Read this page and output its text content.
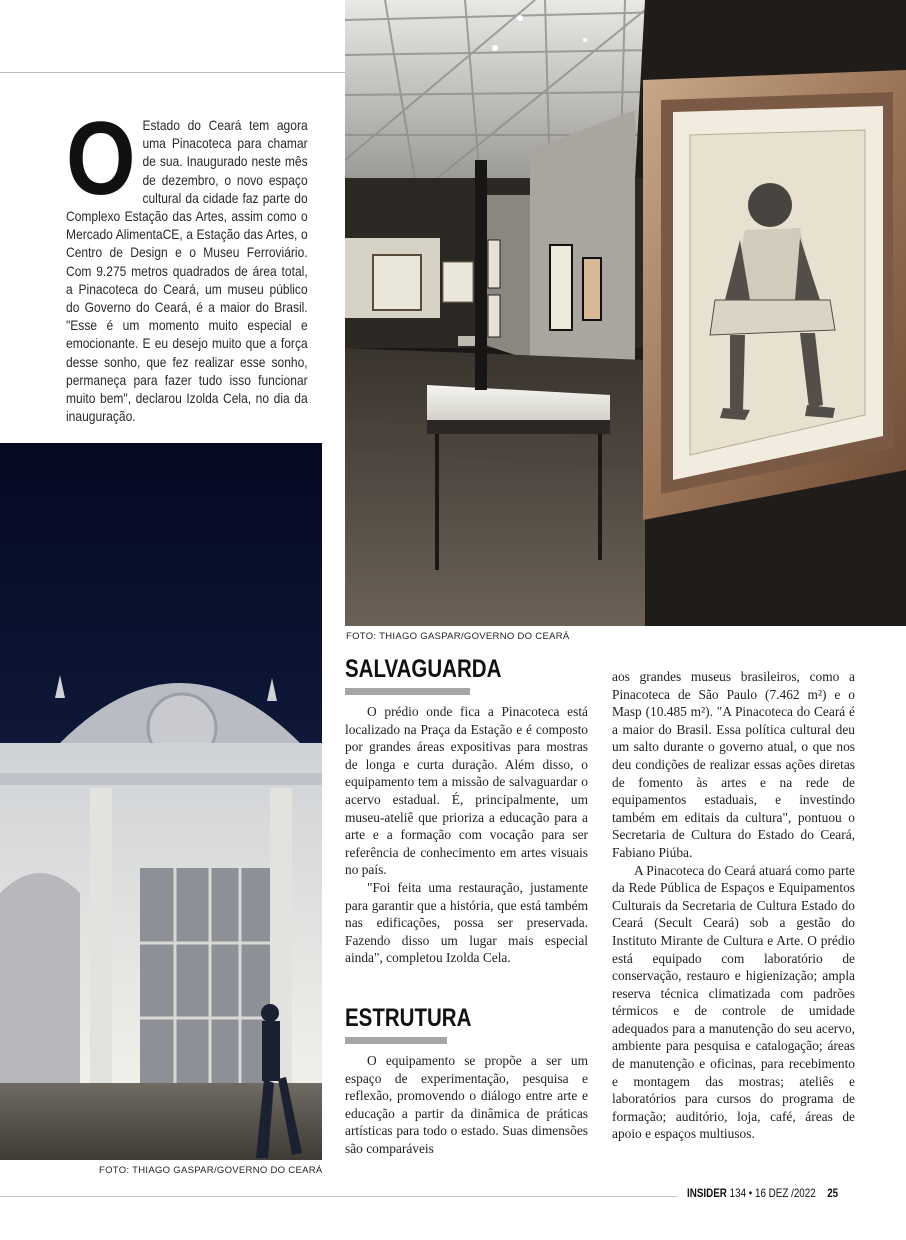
O Estado do Ceará tem agora uma Pinacoteca para chamar de sua. Inaugurado neste mês de dezembro, o novo espaço cultural da cidade faz parte do Complexo Estação das Artes, assim como o Mercado AlimentaCE, a Estação das Artes, o Centro de Design e o Museu Ferroviário. Com 9.275 metros quadrados de área total, a Pinacoteca do Ceará, um museu público do Governo do Ceará, é a maior do Brasil. "Esse é um momento muito especial e emocionante. E eu desejo muito que a força desse sonho, que fez realizar esse sonho, permaneça para fazer tudo isso funcionar muito bem", declarou Izolda Cela, no dia da inauguração.
FOTO: THIAGO GASPAR/GOVERNO DO CEARÁ
FOTO: THIAGO GASPAR/GOVERNO DO CEARÁ
SALVAGUARDA

O prédio onde fica a Pinacoteca está localizado na Praça da Estação e é composto por grandes áreas expositivas para mostras de longa e curta duração. Além disso, o equipamento tem a missão de salvaguardar o acervo estadual. É, principalmente, um museu-ateliê que prioriza a educação para a arte e a formação com vocação para ser referência de conhecimento em artes visuais no país.

"Foi feita uma restauração, justamente para garantir que a história, que está também nas edificações, possa ser preservada. Fazendo disso um lugar mais especial ainda", completou Izolda Cela.

ESTRUTURA

O equipamento se propõe a ser um espaço de experimentação, pesquisa e reflexão, promovendo o diálogo entre arte e educação a partir da dinâmica de práticas artísticas para todo o estado. Suas dimensões são comparáveis

aos grandes museus brasileiros, como a Pinacoteca de São Paulo (7.462 m²) e o Masp (10.485 m²). "A Pinacoteca do Ceará é a maior do Brasil. Essa política cultural deu um salto durante o governo atual, o que nos deu condições de realizar essas ações diretas de fomento às artes e na rede de equipamentos estaduais, e investindo também em editais da cultura", pontuou o Secretaria de Cultura do Estado do Ceará, Fabiano Piúba.

A Pinacoteca do Ceará atuará como parte da Rede Pública de Espaços e Equipamentos Culturais da Secretaria de Cultura Estado do Ceará (Secult Ceará) sob a gestão do Instituto Mirante de Cultura e Arte. O prédio está equipado com laboratório de conservação, restauro e higienização; ampla reserva técnica climatizada com padrões térmicos e de controle de umidade adequados para a manutenção do seu acervo, ambiente para pesquisa e catalogação; áreas de manutenção e oficinas, para recebimento e montagem das mostras; ateliês e laboratórios para cursos do programa de formação; auditório, loja, café, áreas de apoio e espaços multiusos.

INSIDER 134 • 16 DEZ /2022 25
